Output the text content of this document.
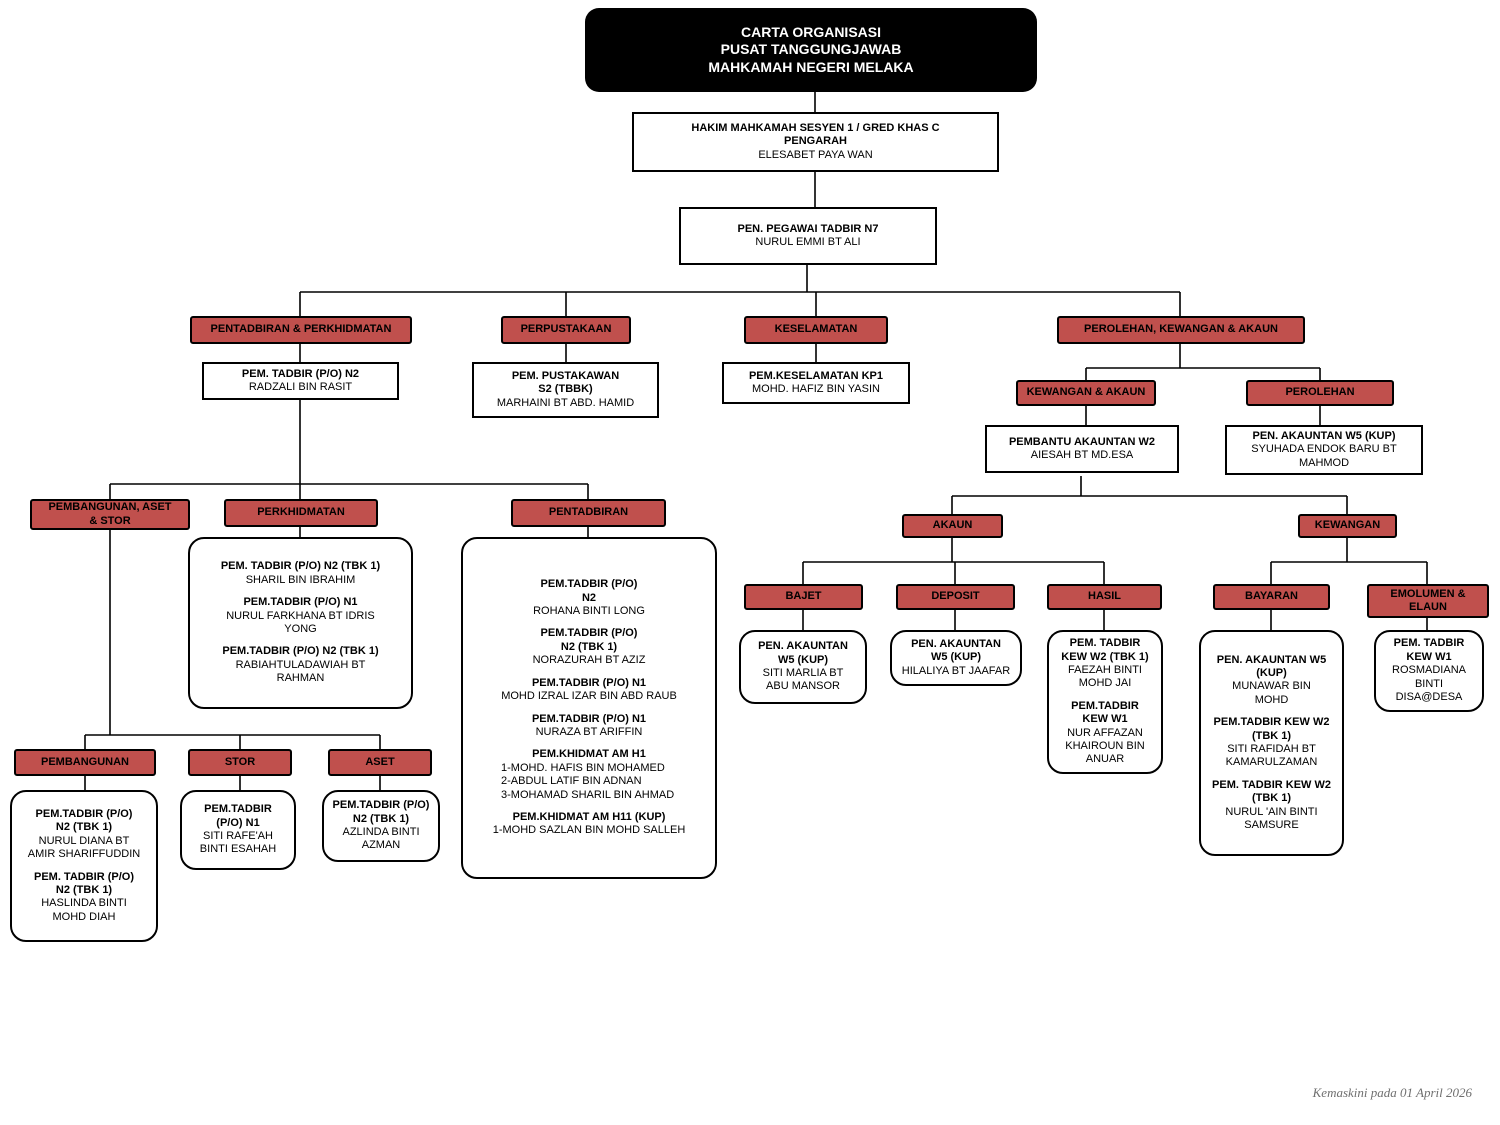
CARTA ORGANISASI
PUSAT TANGGUNGJAWAB
MAHKAMAH NEGERI MELAKA
HAKIM MAHKAMAH SESYEN 1 / GRED KHAS C
PENGARAH
ELESABET PAYA WAN
PEN. PEGAWAI TADBIR N7
NURUL EMMI BT ALI
PENTADBIRAN & PERKHIDMATAN	PERPUSTAKAAN	KESELAMATAN	PEROLEHAN, KEWANGAN & AKAUN
PEM. TADBIR (P/O) N2
RADZALI BIN RASIT
PEM. PUSTAKAWAN
S2 (TBBK)
MARHAINI BT ABD. HAMID
PEM.KESELAMATAN KP1
MOHD. HAFIZ BIN YASIN	KEWANGAN & AKAUN	PEROLEHAN
PEMBANTU AKAUNTAN W2
AIESAH BT MD.ESA
PEN. AKAUNTAN W5 (KUP)
SYUHADA ENDOK BARU BT
MAHMOD
AKAUN	KEWANGAN
BAJET	DEPOSIT	HASIL	BAYARAN	EMOLUMEN &
ELAUN
PEN. AKAUNTAN
W5 (KUP)
SITI MARLIA BT
ABU MANSOR
PEN. AKAUNTAN
W5 (KUP)
HILALIYA BT JAAFAR
PEM. TADBIR
KEW W2 (TBK 1)
FAEZAH BINTI
MOHD JAI
PEM.TADBIR
KEW W1
NUR AFFAZAN
KHAIROUN BIN
ANUAR
PEN. AKAUNTAN W5
(KUP)
MUNAWAR BIN
MOHD
PEM.TADBIR KEW W2
(TBK 1)
SITI RAFIDAH BT
KAMARULZAMAN
PEM. TADBIR KEW W2
(TBK 1)
NURUL 'AIN BINTI
SAMSURE
PEM. TADBIR
KEW W1
ROSMADIANA
BINTI
DISA@DESA
PEMBANGUNAN, ASET
& STOR
PERKHIDMATAN	PENTADBIRAN
PEM. TADBIR (P/O) N2 (TBK 1)
SHARIL BIN IBRAHIM
PEM.TADBIR (P/O) N1
NURUL FARKHANA BT IDRIS
YONG
PEM.TADBIR (P/O) N2 (TBK 1)
RABIAHTULADAWIAH BT
RAHMAN
PEM.TADBIR (P/O)
N2
ROHANA BINTI LONG
PEM.TADBIR (P/O)
N2 (TBK 1)
NORAZURAH BT AZIZ
PEM.TADBIR (P/O) N1
MOHD IZRAL IZAR BIN ABD RAUB
PEM.TADBIR (P/O) N1
NURAZA BT ARIFFIN
PEM.KHIDMAT AM H1
1-MOHD. HAFIS BIN MOHAMED
2-ABDUL LATIF BIN ADNAN
3-MOHAMAD SHARIL BIN AHMAD
PEM.KHIDMAT AM H11 (KUP)
1-MOHD SAZLAN BIN MOHD SALLEH
PEMBANGUNAN	STOR	ASET
PEM.TADBIR (P/O)
N2 (TBK 1)
NURUL DIANA BT
AMIR SHARIFFUDDIN
PEM. TADBIR (P/O)
N2 (TBK 1)
HASLINDA BINTI
MOHD DIAH
PEM.TADBIR
(P/O) N1
SITI RAFE'AH
BINTI ESAHAH
PEM.TADBIR (P/O)
N2 (TBK 1)
AZLINDA BINTI
AZMAN
Kemaskini pada 01 April 2026
